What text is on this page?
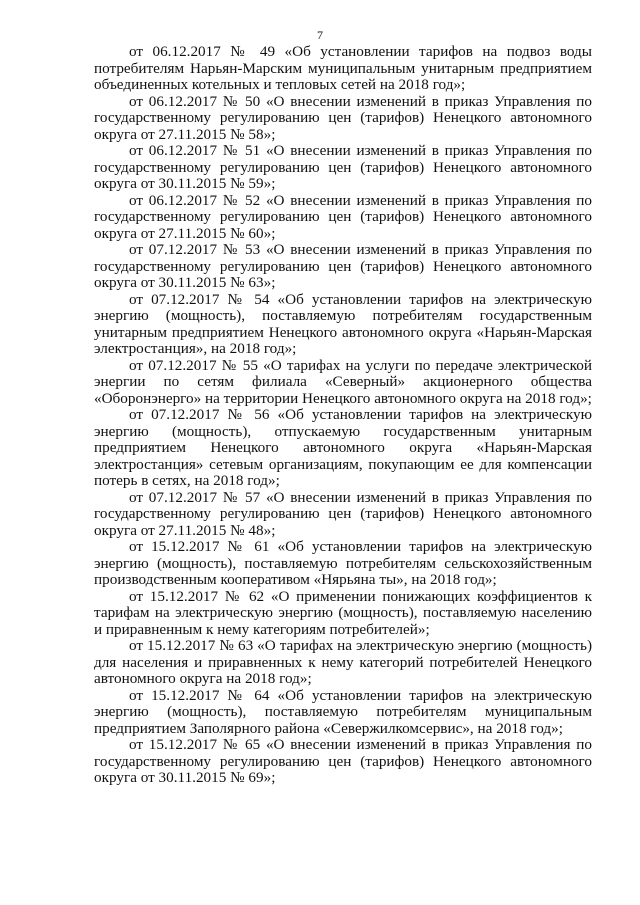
7

от 06.12.2017 № 49 «Об установлении тарифов на подвоз воды потребителям Нарьян-Марским муниципальным унитарным предприятием объединенных котельных и тепловых сетей на 2018 год»;

от 06.12.2017 № 50 «О внесении изменений в приказ Управления по государственному регулированию цен (тарифов) Ненецкого автономного округа от 27.11.2015 № 58»;

от 06.12.2017 № 51 «О внесении изменений в приказ Управления по государственному регулированию цен (тарифов) Ненецкого автономного округа от 30.11.2015 № 59»;

от 06.12.2017 № 52 «О внесении изменений в приказ Управления по государственному регулированию цен (тарифов) Ненецкого автономного округа от 27.11.2015 № 60»;

от 07.12.2017 № 53 «О внесении изменений в приказ Управления по государственному регулированию цен (тарифов) Ненецкого автономного округа от 30.11.2015 № 63»;

от 07.12.2017 № 54 «Об установлении тарифов на электрическую энергию (мощность), поставляемую потребителям государственным унитарным предприятием Ненецкого автономного округа «Нарьян-Марская электростанция», на 2018 год»;

от 07.12.2017 № 55 «О тарифах на услуги по передаче электрической энергии по сетям филиала «Северный» акционерного общества «Оборонэнерго» на территории Ненецкого автономного округа на 2018 год»;

от 07.12.2017 № 56 «Об установлении тарифов на электрическую энергию (мощность), отпускаемую государственным унитарным предприятием Ненецкого автономного округа «Нарьян-Марская электростанция» сетевым организациям, покупающим ее для компенсации потерь в сетях, на 2018 год»;

от 07.12.2017 № 57 «О внесении изменений в приказ Управления по государственному регулированию цен (тарифов) Ненецкого автономного округа от 27.11.2015 № 48»;

от 15.12.2017 № 61 «Об установлении тарифов на электрическую энергию (мощность), поставляемую потребителям сельскохозяйственным производственным кооперативом «Нярьяна ты», на 2018 год»;

от 15.12.2017 № 62 «О применении понижающих коэффициентов к тарифам на электрическую энергию (мощность), поставляемую населению и приравненным к нему категориям потребителей»;

от 15.12.2017 № 63 «О тарифах на электрическую энергию (мощность) для населения и приравненных к нему категорий потребителей Ненецкого автономного округа на 2018 год»;

от 15.12.2017 № 64 «Об установлении тарифов на электрическую энергию (мощность), поставляемую потребителям муниципальным предприятием Заполярного района «Севержилкомсервис», на 2018 год»;

от 15.12.2017 № 65 «О внесении изменений в приказ Управления по государственному регулированию цен (тарифов) Ненецкого автономного округа от 30.11.2015 № 69»;
